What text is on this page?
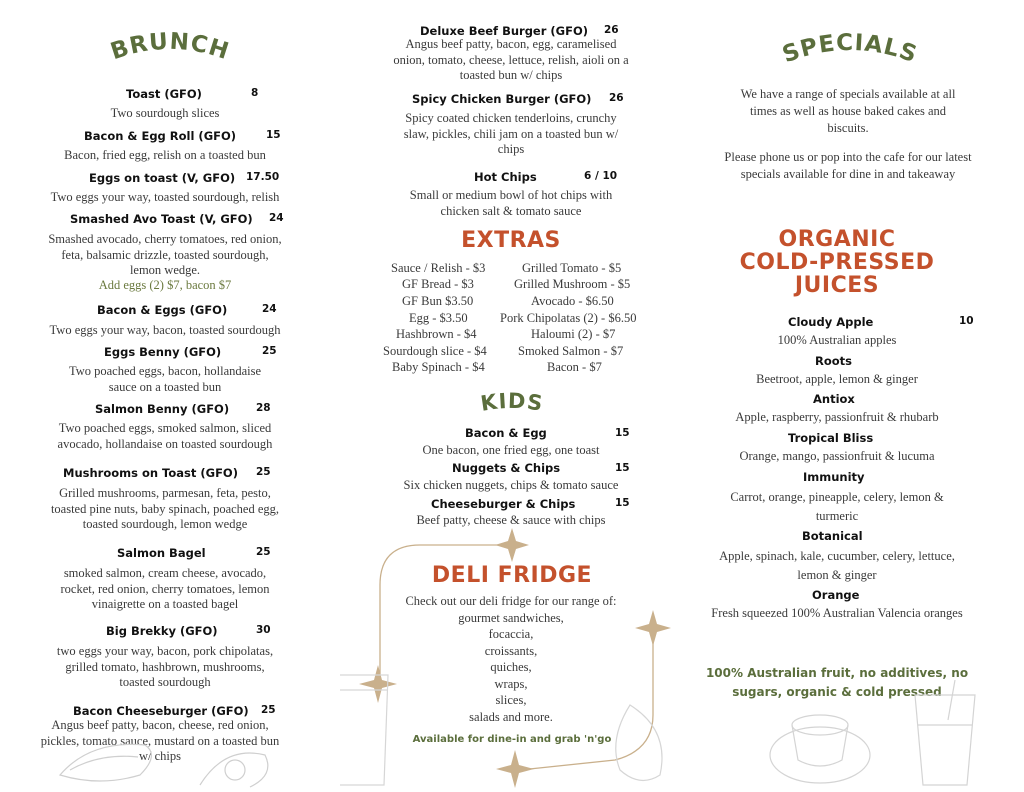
BRUNCH
Toast (GFO)	8
Two sourdough slices
Bacon & Egg Roll (GFO)	15
Bacon, fried egg, relish on a toasted bun
Eggs on toast (V, GFO) 17.50
Two eggs your way, toasted sourdough, relish
Smashed Avo Toast (V, GFO) 24
Smashed avocado, cherry tomatoes, red onion, feta, balsamic drizzle, toasted sourdough, lemon wedge.
Add eggs (2) $7, bacon $7
Bacon & Eggs (GFO)	24
Two eggs your way, bacon, toasted sourdough
Eggs Benny (GFO)	25
Two poached eggs, bacon, hollandaise sauce on a toasted bun
Salmon Benny (GFO)	28
Two poached eggs, smoked salmon, sliced avocado, hollandaise on toasted sourdough
Mushrooms on Toast (GFO) 25
Grilled mushrooms, parmesan, feta, pesto, toasted pine nuts, baby spinach, poached egg, toasted sourdough, lemon wedge
Salmon Bagel	25
smoked salmon, cream cheese, avocado, rocket, red onion, cherry tomatoes, lemon vinaigrette on a toasted bagel
Big Brekky (GFO)	30
two eggs your way, bacon, pork chipolatas, grilled tomato, hashbrown, mushrooms, toasted sourdough
Bacon Cheeseburger (GFO) 25
Angus beef patty, bacon, cheese, red onion, pickles, tomato sauce, mustard on a toasted bun w/ chips
Deluxe Beef Burger (GFO) 26
Angus beef patty, bacon, egg, caramelised onion, tomato, cheese, lettuce, relish, aioli on a toasted bun w/ chips
Spicy Chicken Burger (GFO) 26
Spicy coated chicken tenderloins, crunchy slaw, pickles, chili jam on a toasted bun w/ chips
Hot Chips	6 / 10
Small or medium bowl of hot chips with chicken salt & tomato sauce
EXTRAS
Sauce / Relish - $3
GF Bread - $3
GF Bun $3.50
Egg - $3.50
Hashbrown - $4
Sourdough slice - $4
Baby Spinach - $4
Grilled Tomato - $5
Grilled Mushroom - $5
Avocado - $6.50
Pork Chipolatas (2) - $6.50
Haloumi (2) - $7
Smoked Salmon - $7
Bacon - $7
KIDS
Bacon & Egg	15
One bacon, one fried egg, one toast
Nuggets & Chips	15
Six chicken nuggets, chips & tomato sauce
Cheeseburger & Chips	15
Beef patty, cheese & sauce with chips
DELI FRIDGE
Check out our deli fridge for our range of:
gourmet sandwiches,
focaccia,
croissants,
quiches,
wraps,
slices,
salads and more.
Available for dine-in and grab 'n'go
SPECIALS
We have a range of specials available at all times as well as house baked cakes and biscuits.
Please phone us or pop into the cafe for our latest specials available for dine in and takeaway
ORGANIC
COLD-PRESSED
JUICES
Cloudy Apple	10
100% Australian apples
Roots
Beetroot, apple, lemon & ginger
Antiox
Apple, raspberry, passionfruit & rhubarb
Tropical Bliss
Orange, mango, passionfruit & lucuma
Immunity
Carrot, orange, pineapple, celery, lemon & turmeric
Botanical
Apple, spinach, kale, cucumber, celery, lettuce, lemon & ginger
Orange
Fresh squeezed 100% Australian Valencia oranges
100% Australian fruit, no additives, no sugars, organic & cold pressed
